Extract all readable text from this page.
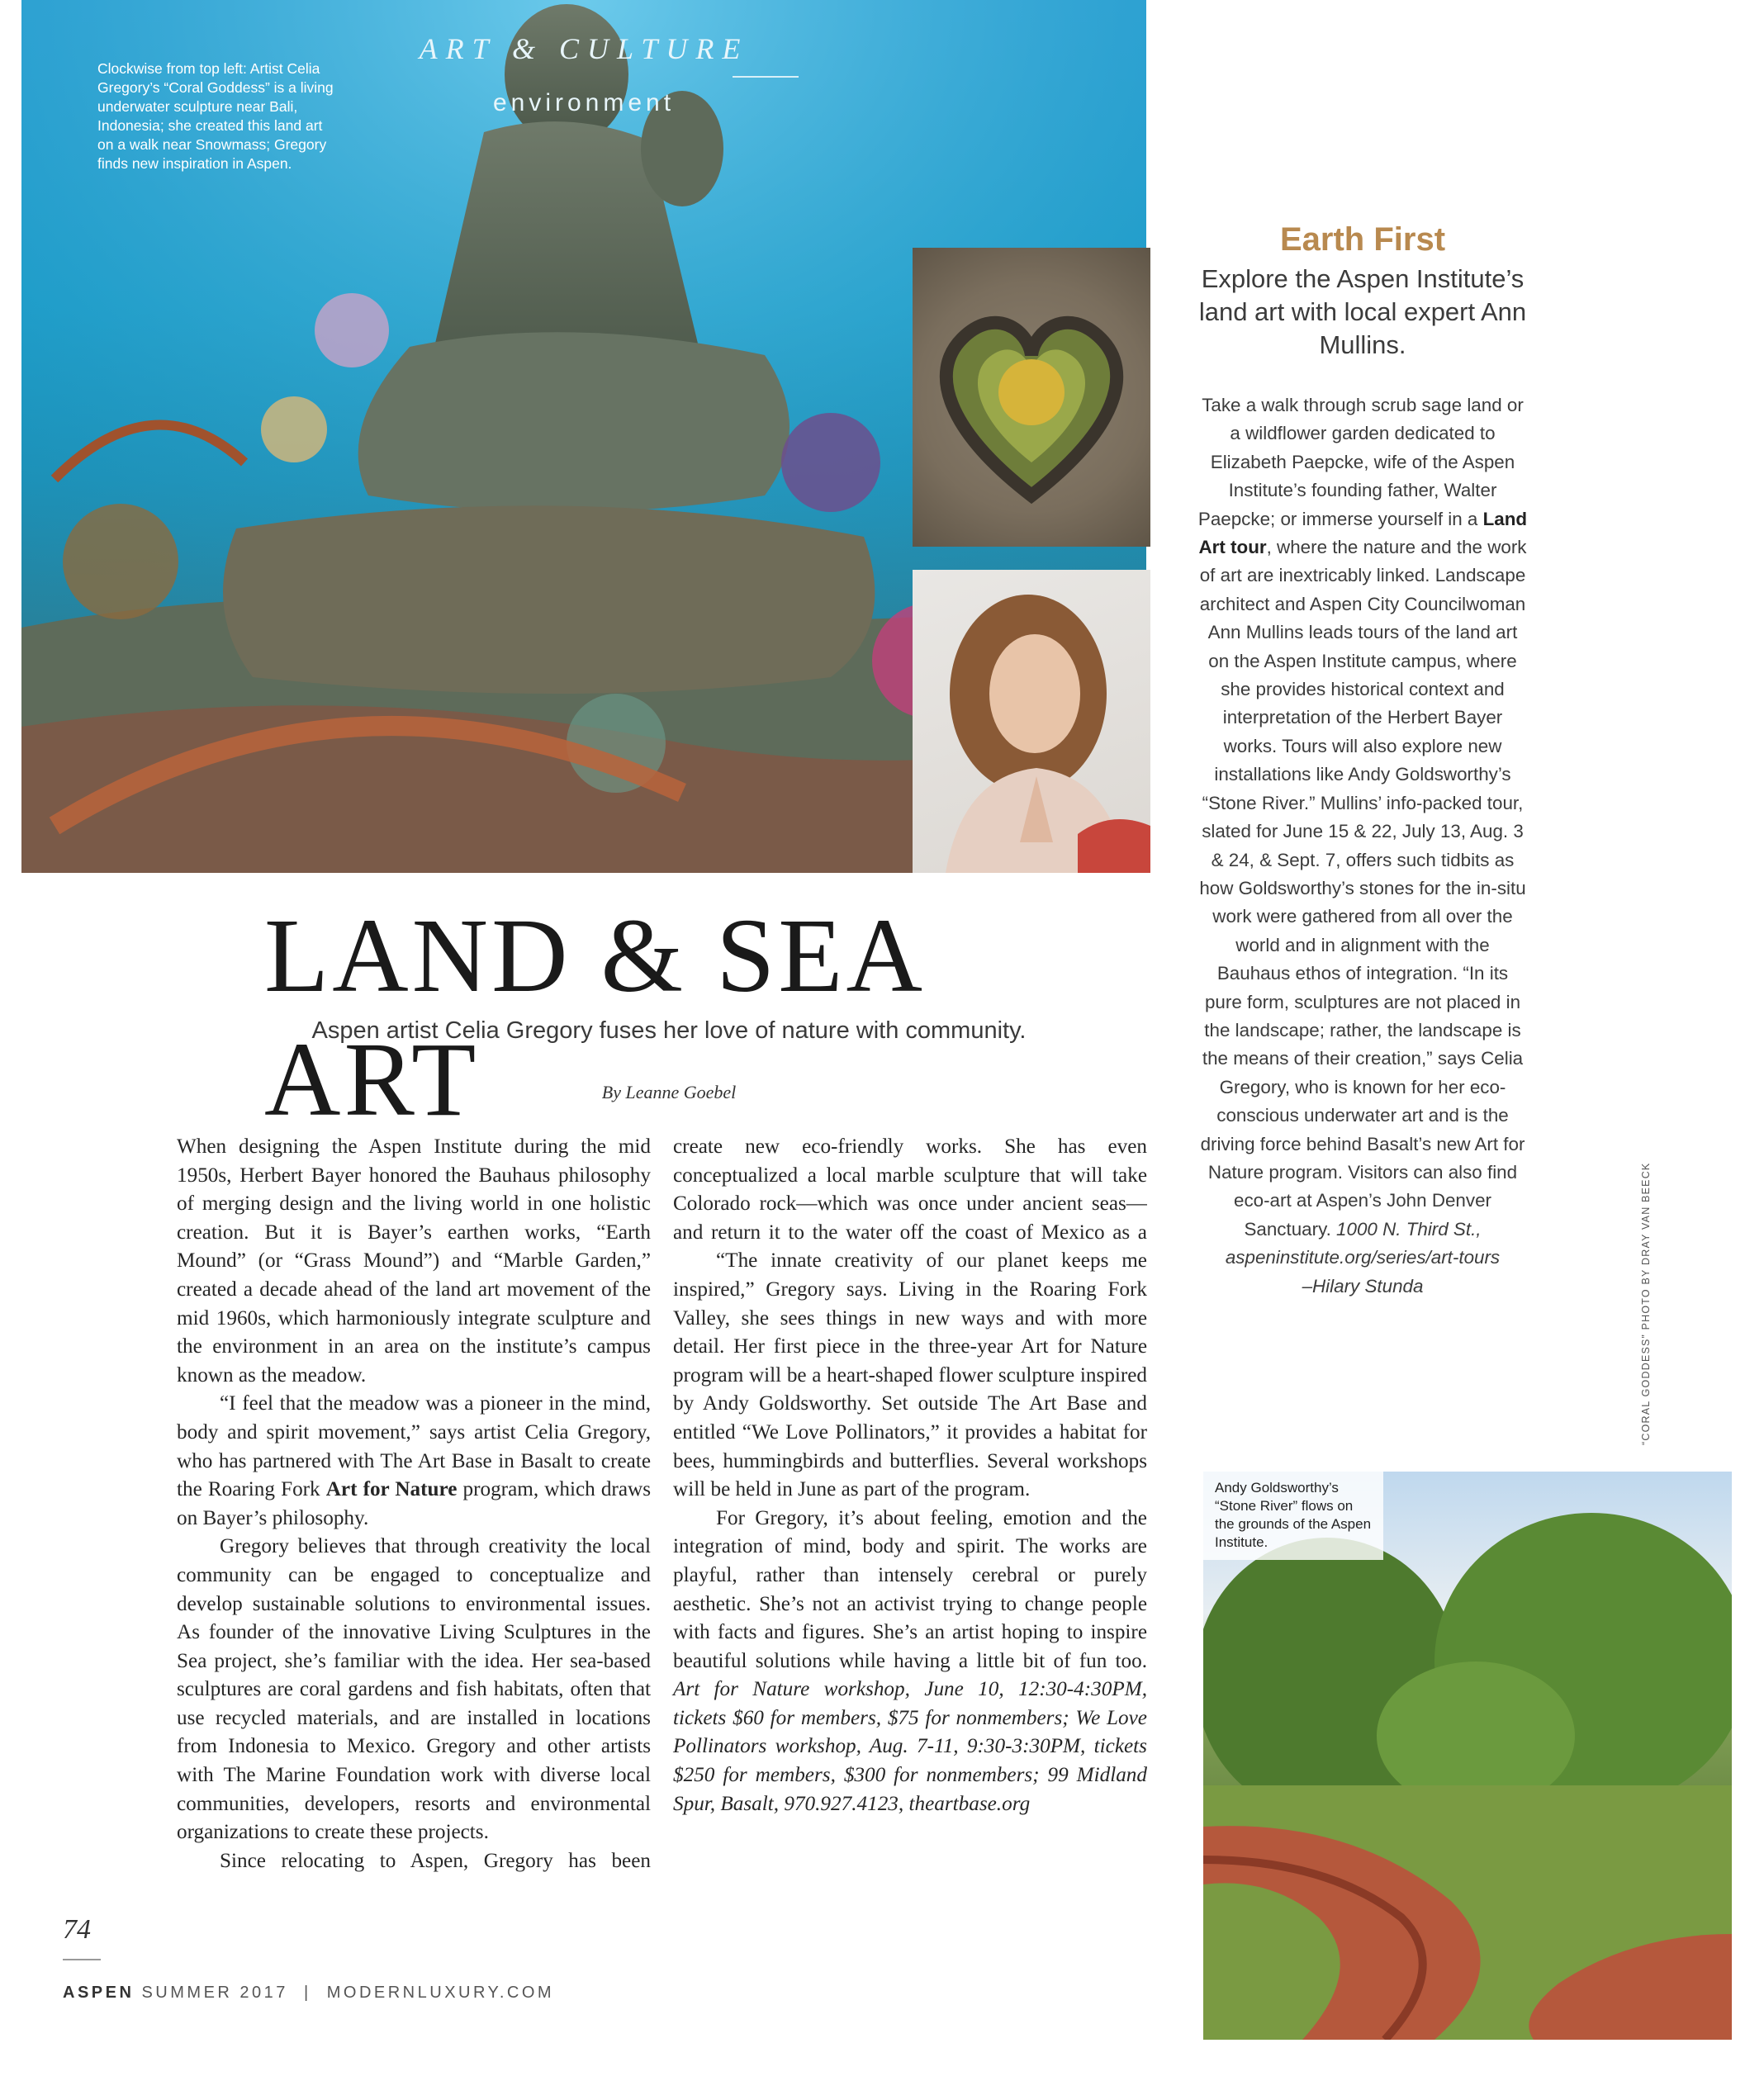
ART & CULTURE
environment
Clockwise from top left: Artist Celia Gregory’s “Coral Goddess” is a living underwater sculpture near Bali, Indonesia; she created this land art on a walk near Snowmass; Gregory finds new inspiration in Aspen.
LAND & SEA ART
Aspen artist Celia Gregory fuses her love of nature with community.
By Leanne Goebel

When designing the Aspen Institute during the mid 1950s, Herbert Bayer honored the Bauhaus philosophy of merging design and the living world in one holistic creation. But it is Bayer’s earthen works, “Earth Mound” (or “Grass Mound”) and “Marble Garden,” created a decade ahead of the land art movement of the mid 1960s, which harmoniously integrate sculpture and the environment in an area on the institute’s campus known as the meadow.

“I feel that the meadow was a pioneer in the mind, body and spirit movement,” says artist Celia Gregory, who has partnered with The Art Base in Basalt to create the Roaring Fork Art for Nature program, which draws on Bayer’s philosophy.

Gregory believes that through creativity the local community can be engaged to conceptualize and develop sustainable solutions to environmental issues. As founder of the innovative Living Sculptures in the Sea project, she’s familiar with the idea. Her sea-based sculptures are coral gardens and fish habitats, often that use recycled materials, and are installed in locations from Indonesia to Mexico. Gregory and other artists with The Marine Foundation work with diverse local communities, developers, resorts and environmental organizations to create these projects.

Since relocating to Aspen, Gregory has been

create new eco-friendly works. She has even conceptualized a local marble sculpture that will take Colorado rock—which was once under ancient seas—and return it to the water off the coast of Mexico as a

“The innate creativity of our planet keeps me inspired,” Gregory says. Living in the Roaring Fork Valley, she sees things in new ways and with more detail. Her first piece in the three-year Art for Nature program will be a heart-shaped flower sculpture inspired by Andy Goldsworthy. Set outside The Art Base and entitled “We Love Pollinators,” it provides a habitat for bees, hummingbirds and butterflies. Several workshops will be held in June as part of the program.

For Gregory, it’s about feeling, emotion and the integration of mind, body and spirit. The works are playful, rather than intensely cerebral or purely aesthetic. She’s not an activist trying to change people with facts and figures. She’s an artist hoping to inspire beautiful solutions while having a little bit of fun too. Art for Nature workshop, June 10, 12:30-4:30PM, tickets $60 for members, $75 for nonmembers; We Love Pollinators workshop, Aug. 7-11, 9:30-3:30PM, tickets $250 for members, $300 for nonmembers; 99 Midland Spur, Basalt, 970.927.4123, theartbase.org

Earth First
Explore the Aspen Institute’s land art with local expert Ann Mullins.
Take a walk through scrub sage land or a wildflower garden dedicated to Elizabeth Paepcke, wife of the Aspen Institute’s founding father, Walter Paepcke; or immerse yourself in a Land Art tour, where the nature and the work of art are inextricably linked. Landscape architect and Aspen City Councilwoman Ann Mullins leads tours of the land art on the Aspen Institute campus, where she provides historical context and interpretation of the Herbert Bayer works. Tours will also explore new installations like Andy Goldsworthy’s “Stone River.” Mullins’ info-packed tour, slated for June 15 & 22, July 13, Aug. 3 & 24, & Sept. 7, offers such tidbits as how Goldsworthy’s stones for the in-situ work were gathered from all over the world and in alignment with the Bauhaus ethos of integration. “In its pure form, sculptures are not placed in the landscape; rather, the landscape is the means of their creation,” says Celia Gregory, who is known for her eco-conscious underwater art and is the driving force behind Basalt’s new Art for Nature program. Visitors can also find eco-art at Aspen’s John Denver Sanctuary. 1000 N. Third St., aspeninstitute.org/series/art-tours
–Hilary Stunda	“CORAL GODDESS” PHOTO BY DRAY VAN BEECK
Andy Goldsworthy’s “Stone River” flows on the grounds of the Aspen Institute.
74
ASPEN SUMMER 2017 | MODERNLUXURY.COM
